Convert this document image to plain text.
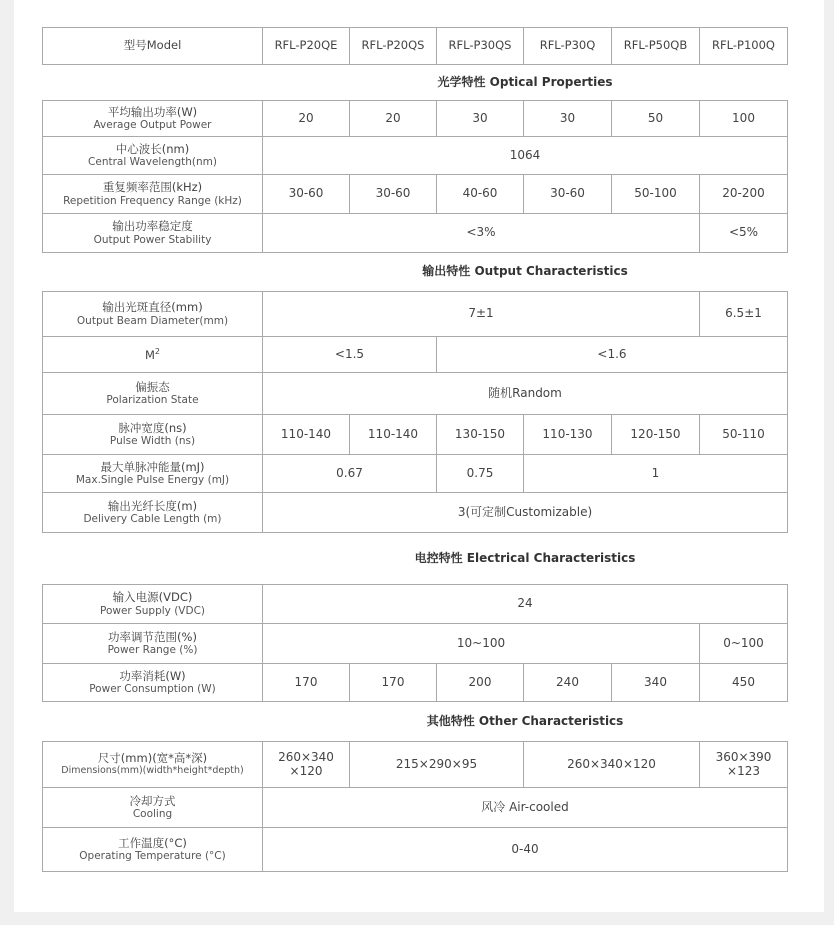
型号Model	RFL-P20QE	RFL-P20QS	RFL-P30QS	RFL-P30Q	RFL-P50QB	RFL-P100Q
	光学特性 Optical Properties					

平均输出功率(W)
Average Output Power	20	20	30	30	50	100

中心波长(nm)
Central Wavelength(nm)	1064					

重复频率范围(kHz)
Repetition Frequency Range (kHz)	30-60	30-60	40-60	30-60	50-100	20-200

输出功率稳定度
Output Power Stability	<3%					<5%
	输出特性 Output Characteristics					

输出光斑直径(mm)
Output Beam Diameter(mm)	7±1					6.5±1
$M^2$	<1.5		<1.6			

偏振态
Polarization State	随机Random					

脉冲宽度(ns)
Pulse Width (ns)	110-140	110-140	130-150	110-130	120-150	50-110

最大单脉冲能量(mJ)
Max.Single Pulse Energy (mJ)	0.67		0.75	1		

输出光纤长度(m)
Delivery Cable Length (m)	3(可定制Customizable)					
	电控特性 Electrical Characteristics					

输入电源(VDC)
Power Supply (VDC)	24					

功率调节范围(%)
Power Range (%)	10~100					0~100

功率消耗(W)
Power Consumption (W)	170	170	200	240	340	450
	其他特性 Other Characteristics					

尺寸(mm)(宽*高*深)
Dimensions(mm)(width*height*depth)	260×340 ×120	215×290×95		260×340×120		360×390 ×123

冷却方式
Cooling	风冷 Air-cooled					

工作温度(°C)
Operating Temperature (°C)	0-40					
